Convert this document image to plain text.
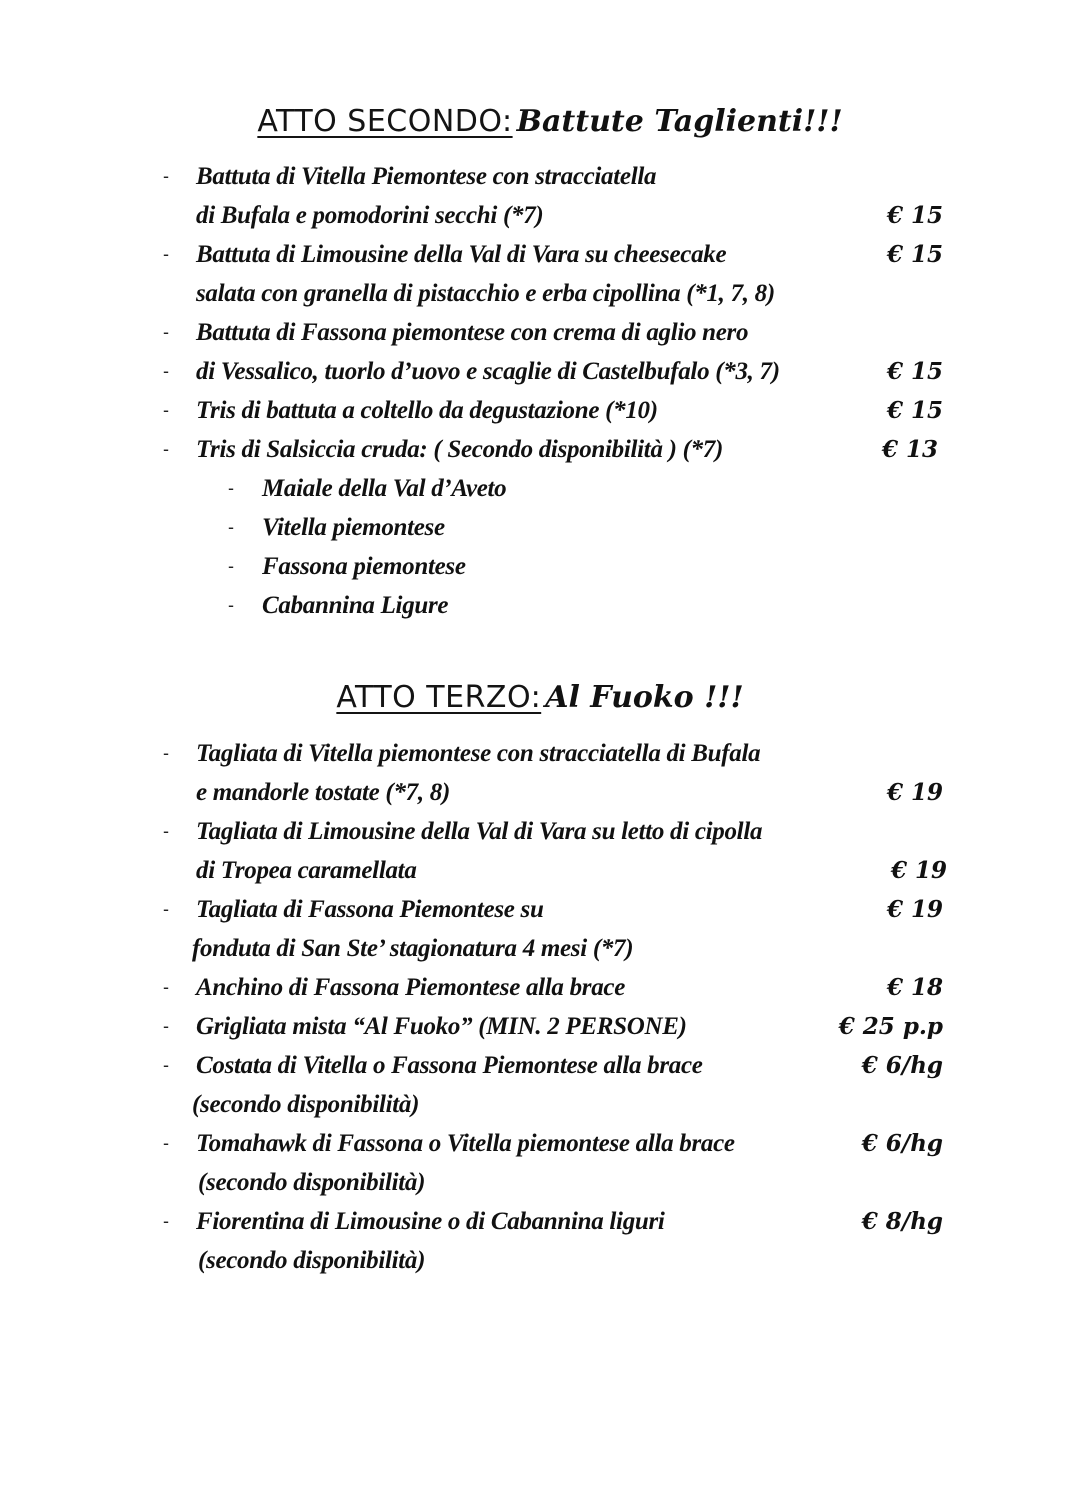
ATTO SECONDO: Battute Taglienti!!!
- Battuta di Vitella Piemontese con stracciatella
di Bufala e pomodorini secchi (*7)	€ 15
- Battuta di Limousine della Val di Vara su cheesecake	€ 15
salata con granella di pistacchio e erba cipollina (*1, 7, 8)
- Battuta di Fassona piemontese con crema di aglio nero
- di Vessalico, tuorlo d’uovo e scaglie di Castelbufalo (*3, 7)	€ 15
- Tris di battuta a coltello da degustazione (*10)	€ 15
- Tris di Salsiccia cruda: ( Secondo disponibilità ) (*7)	€ 13
- Maiale della Val d’Aveto
- Vitella piemontese
- Fassona piemontese
- Cabannina Ligure
ATTO TERZO: Al Fuoko !!!
- Tagliata di Vitella piemontese con stracciatella di Bufala
e mandorle tostate (*7, 8)	€ 19
- Tagliata di Limousine della Val di Vara su letto di cipolla
di Tropea caramellata	€ 19
- Tagliata di Fassona Piemontese su	€ 19
fonduta di San Ste’ stagionatura 4 mesi (*7)
- Anchino di Fassona Piemontese alla brace	€ 18
- Grigliata mista “Al Fuoko” (MIN. 2 PERSONE)	€ 25 p.p
- Costata di Vitella o Fassona Piemontese alla brace	€ 6/hg
(secondo disponibilità)
- Tomahawk di Fassona o Vitella piemontese alla brace	€ 6/hg
(secondo disponibilità)
- Fiorentina di Limousine o di Cabannina liguri	€ 8/hg
(secondo disponibilità)
